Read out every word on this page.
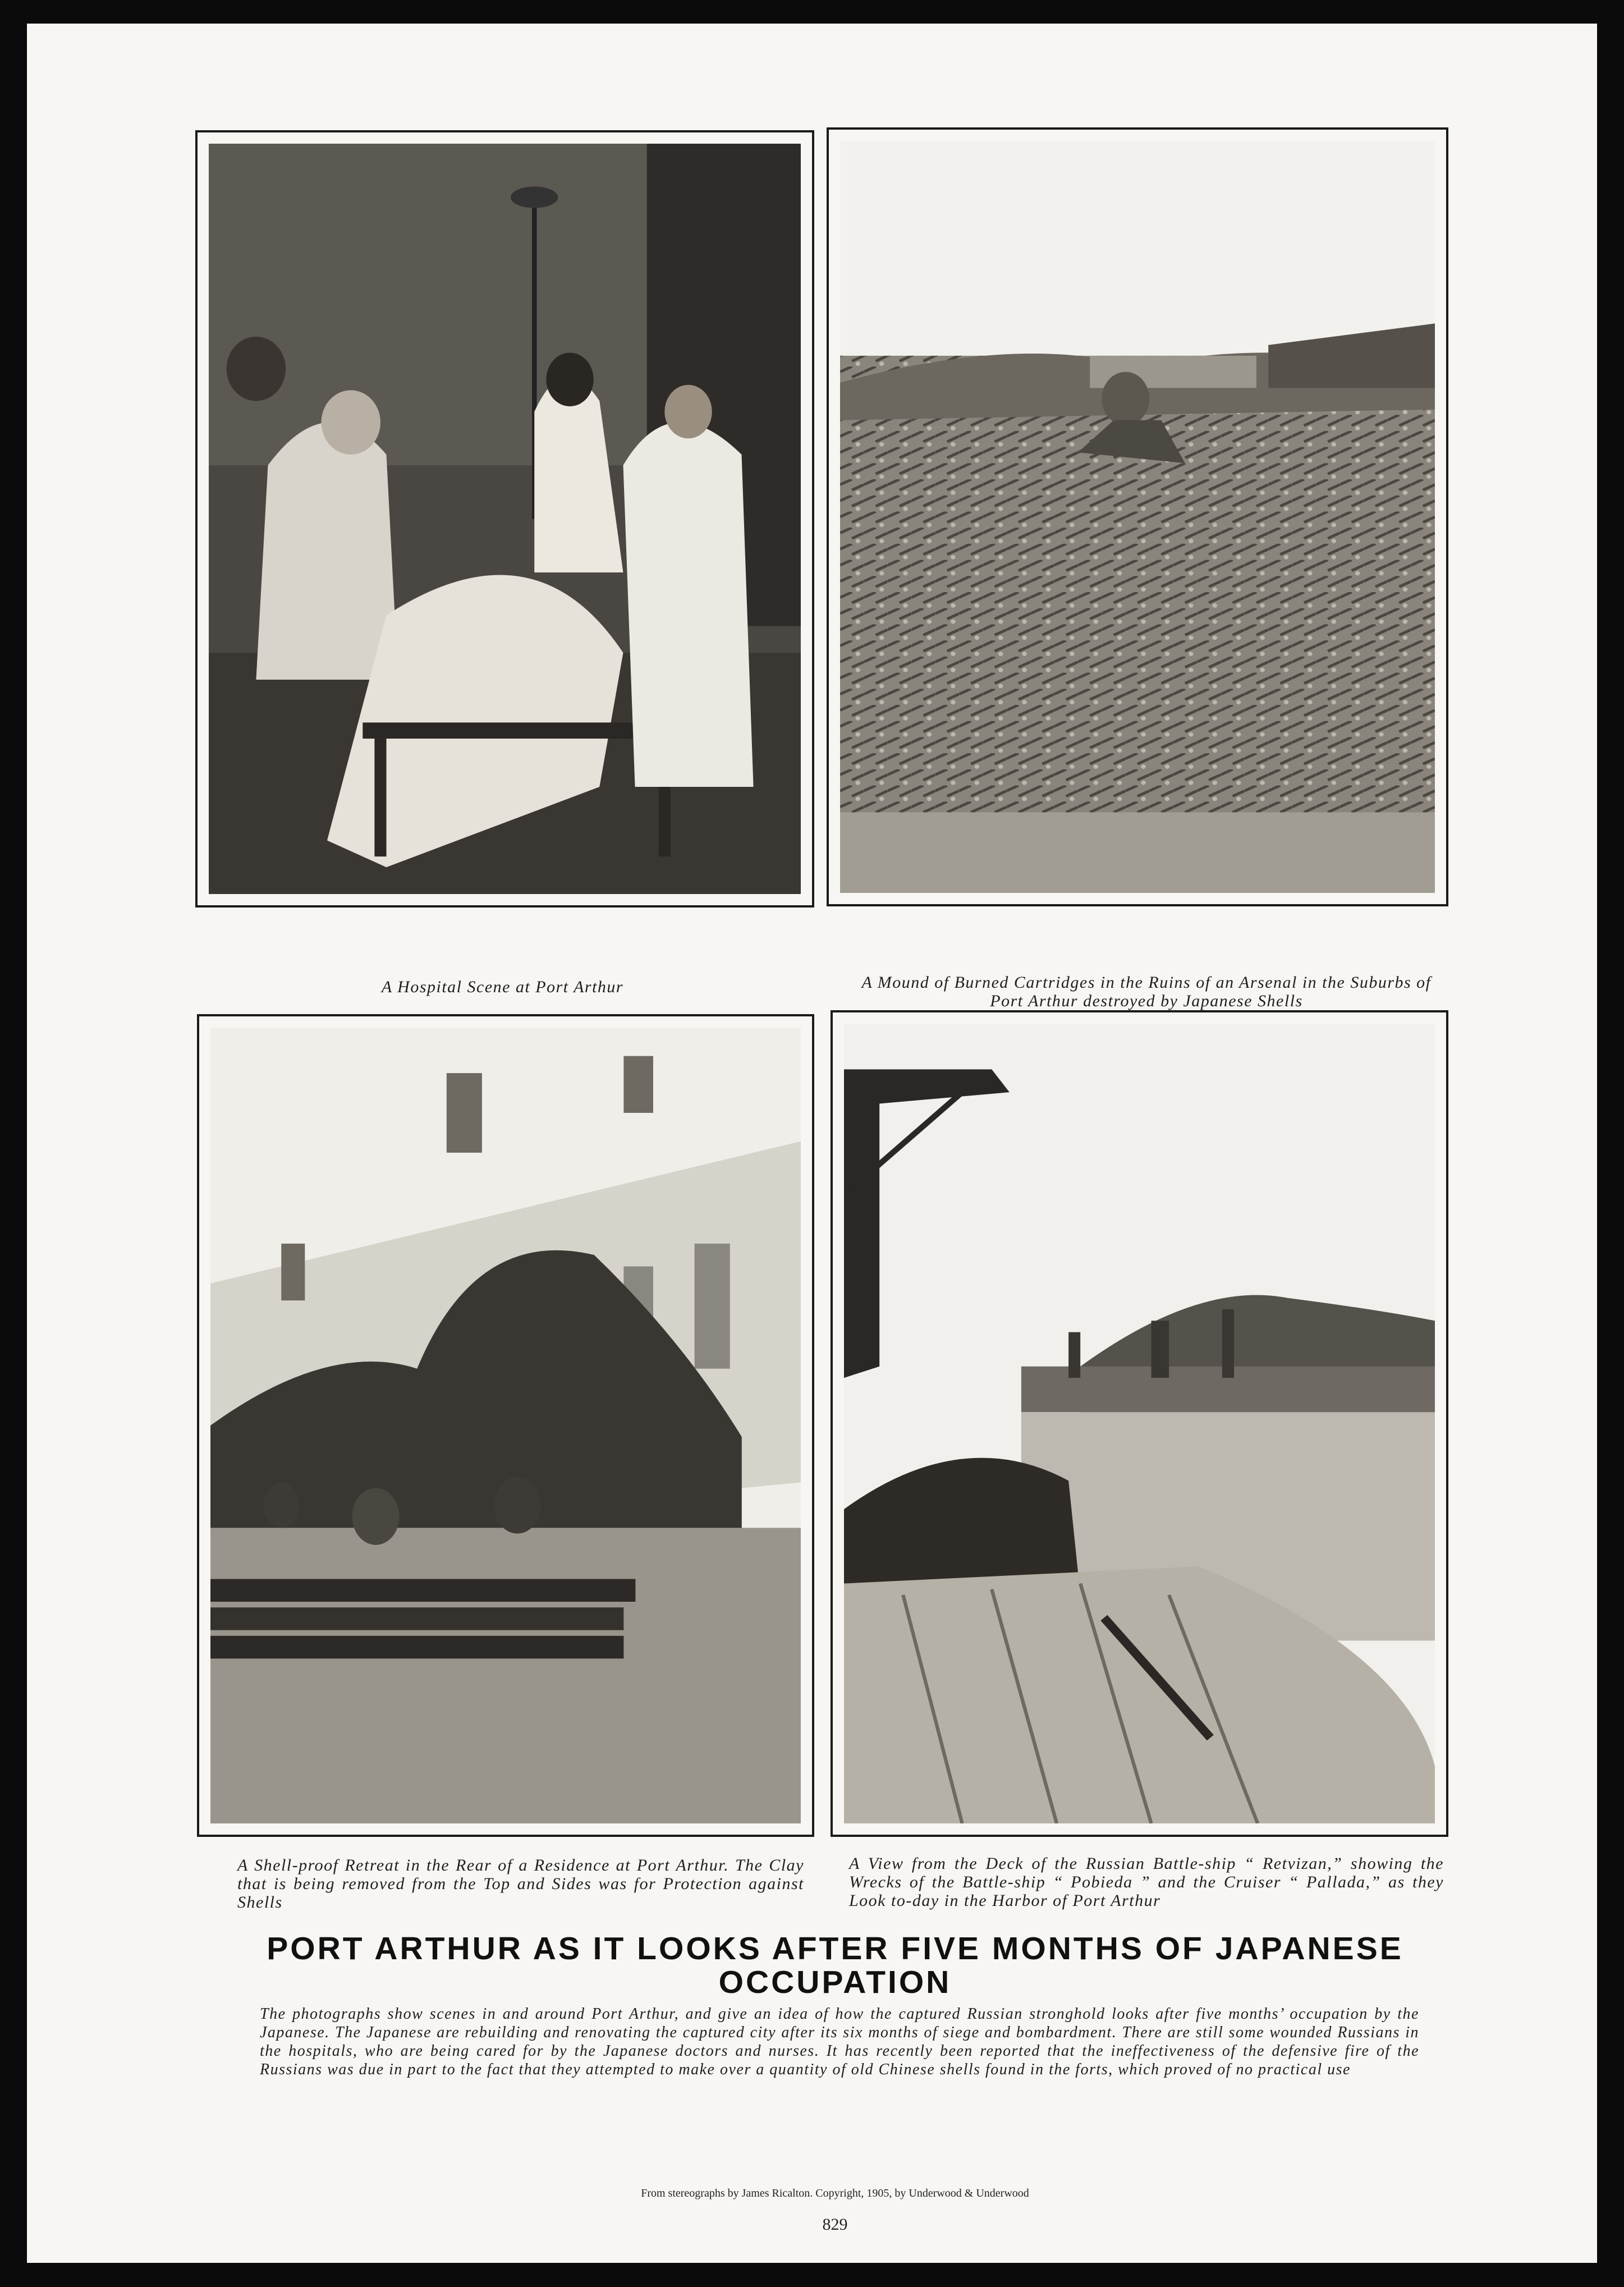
A Hospital Scene at Port Arthur	A Mound of Burned Cartridges in the Ruins of an Arsenal in the Suburbs of Port Arthur destroyed by Japanese Shells
A Shell-proof Retreat in the Rear of a Residence at Port Arthur. The Clay that is being removed from the Top and Sides was for Protection against Shells
A View from the Deck of the Russian Battle-ship “ Retvizan,” showing the Wrecks of the Battle-ship “ Pobieda ” and the Cruiser “ Pallada,” as they Look to-day in the Harbor of Port Arthur
PORT ARTHUR AS IT LOOKS AFTER FIVE MONTHS OF JAPANESE OCCUPATION
The photographs show scenes in and around Port Arthur, and give an idea of how the captured Russian stronghold looks after five months’ occupation by the Japanese. The Japanese are rebuilding and renovating the captured city after its six months of siege and bombardment. There are still some wounded Russians in the hospitals, who are being cared for by the Japanese doctors and nurses. It has recently been reported that the ineffectiveness of the defensive fire of the Russians was due in part to the fact that they attempted to make over a quantity of old Chinese shells found in the forts, which proved of no practical use
From stereographs by James Ricalton. Copyright, 1905, by Underwood & Underwood
829
